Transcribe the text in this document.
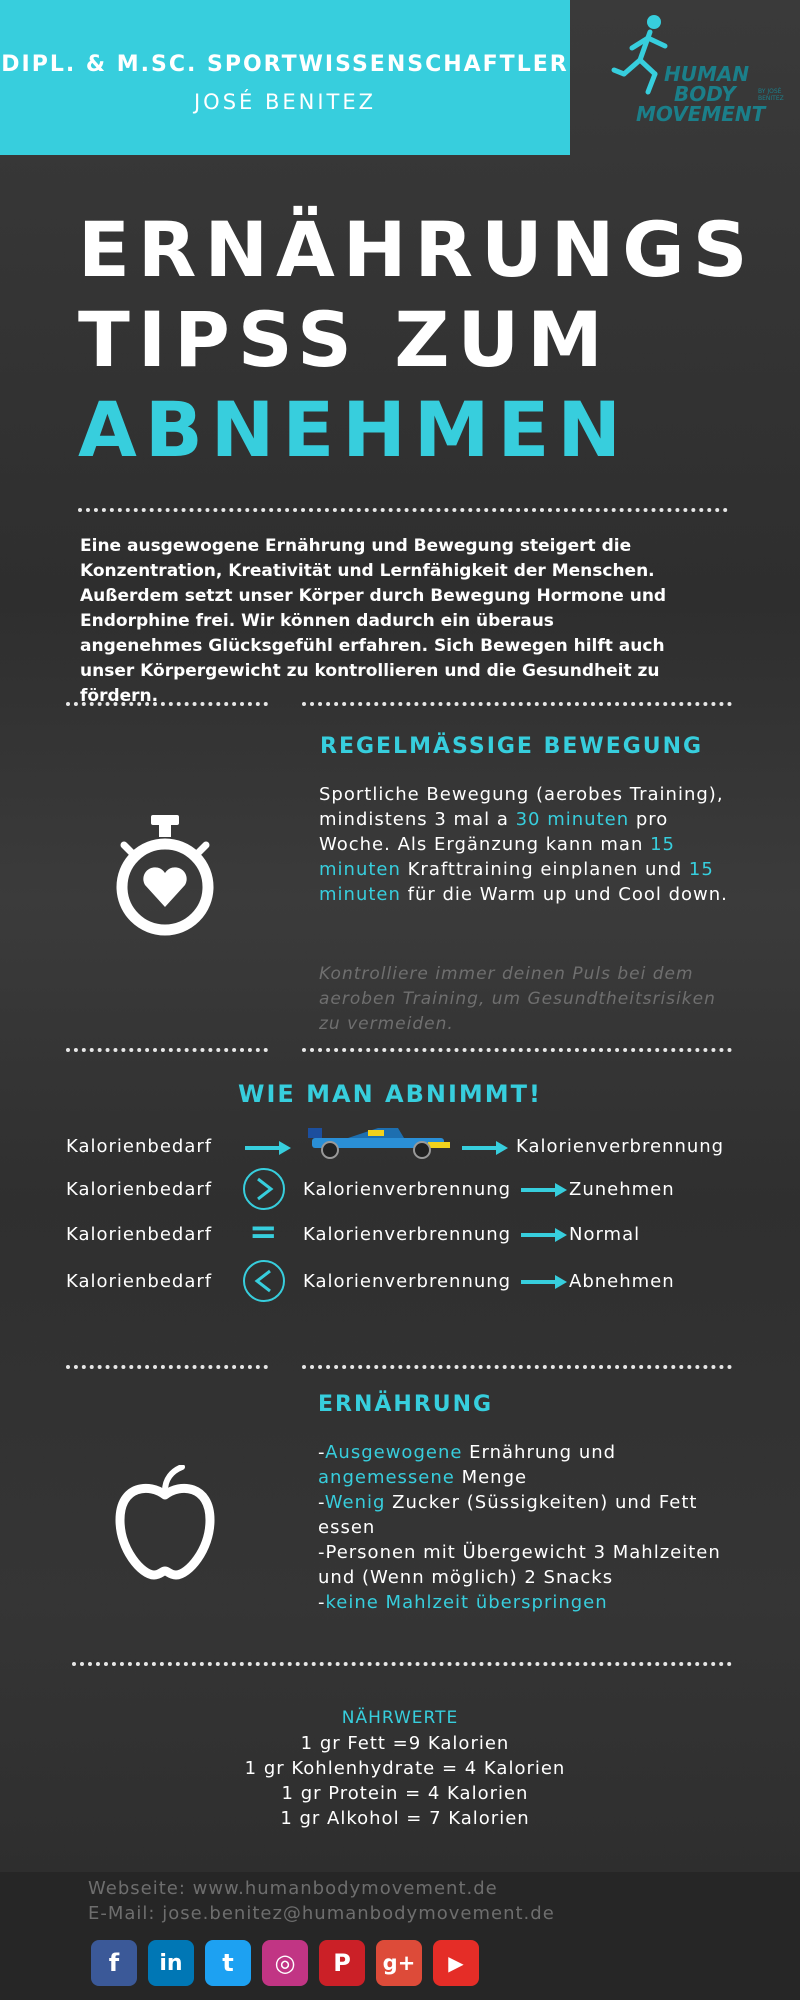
DIPL. & M.SC. SPORTWISSENSCHAFTLER
JOSÉ BENITEZ
HUMAN
BODY
MOVEMENT
BY JOSÉ
BENITEZ
ERNÄHRUNGS
TIPSS ZUM
ABNEHMEN
Eine ausgewogene Ernährung und Bewegung steigert die Konzentration, Kreativität und Lernfähigkeit der Menschen. Außerdem setzt unser Körper durch Bewegung Hormone und Endorphine frei. Wir können dadurch ein überaus angenehmes Glücksgefühl erfahren. Sich Bewegen hilft auch unser Körpergewicht zu kontrollieren und die Gesundheit zu fördern.
REGELMÄSSIGE BEWEGUNG
Sportliche Bewegung (aerobes Training), mindistens 3 mal a 30 minuten pro Woche. Als Ergänzung kann man 15 minuten Krafttraining einplanen und 15 minuten für die Warm up und Cool down.
Kontrolliere immer deinen Puls bei dem aeroben Training, um Gesundtheitsrisiken zu vermeiden.
WIE MAN ABNIMMT!
Kalorienbedarf	Kalorienverbrennung
Kalorienbedarf	Kalorienverbrennung	Zunehmen
Kalorienbedarf = Kalorienverbrennung	Normal
Kalorienbedarf	Kalorienverbrennung	Abnehmen
ERNÄHRUNG
-Ausgewogene Ernährung und angemessene Menge
-Wenig Zucker (Süssigkeiten) und Fett essen
-Personen mit Übergewicht 3 Mahlzeiten und (Wenn möglich) 2 Snacks
-keine Mahlzeit überspringen
NÄHRWERTE
1 gr Fett =9 Kalorien
1 gr Kohlenhydrate = 4 Kalorien
1 gr Protein = 4 Kalorien
1 gr Alkohol = 7 Kalorien
Webseite: www.humanbodymovement.de
E-Mail: jose.benitez@humanbodymovement.de
f in t ◎ P g+ ▶
